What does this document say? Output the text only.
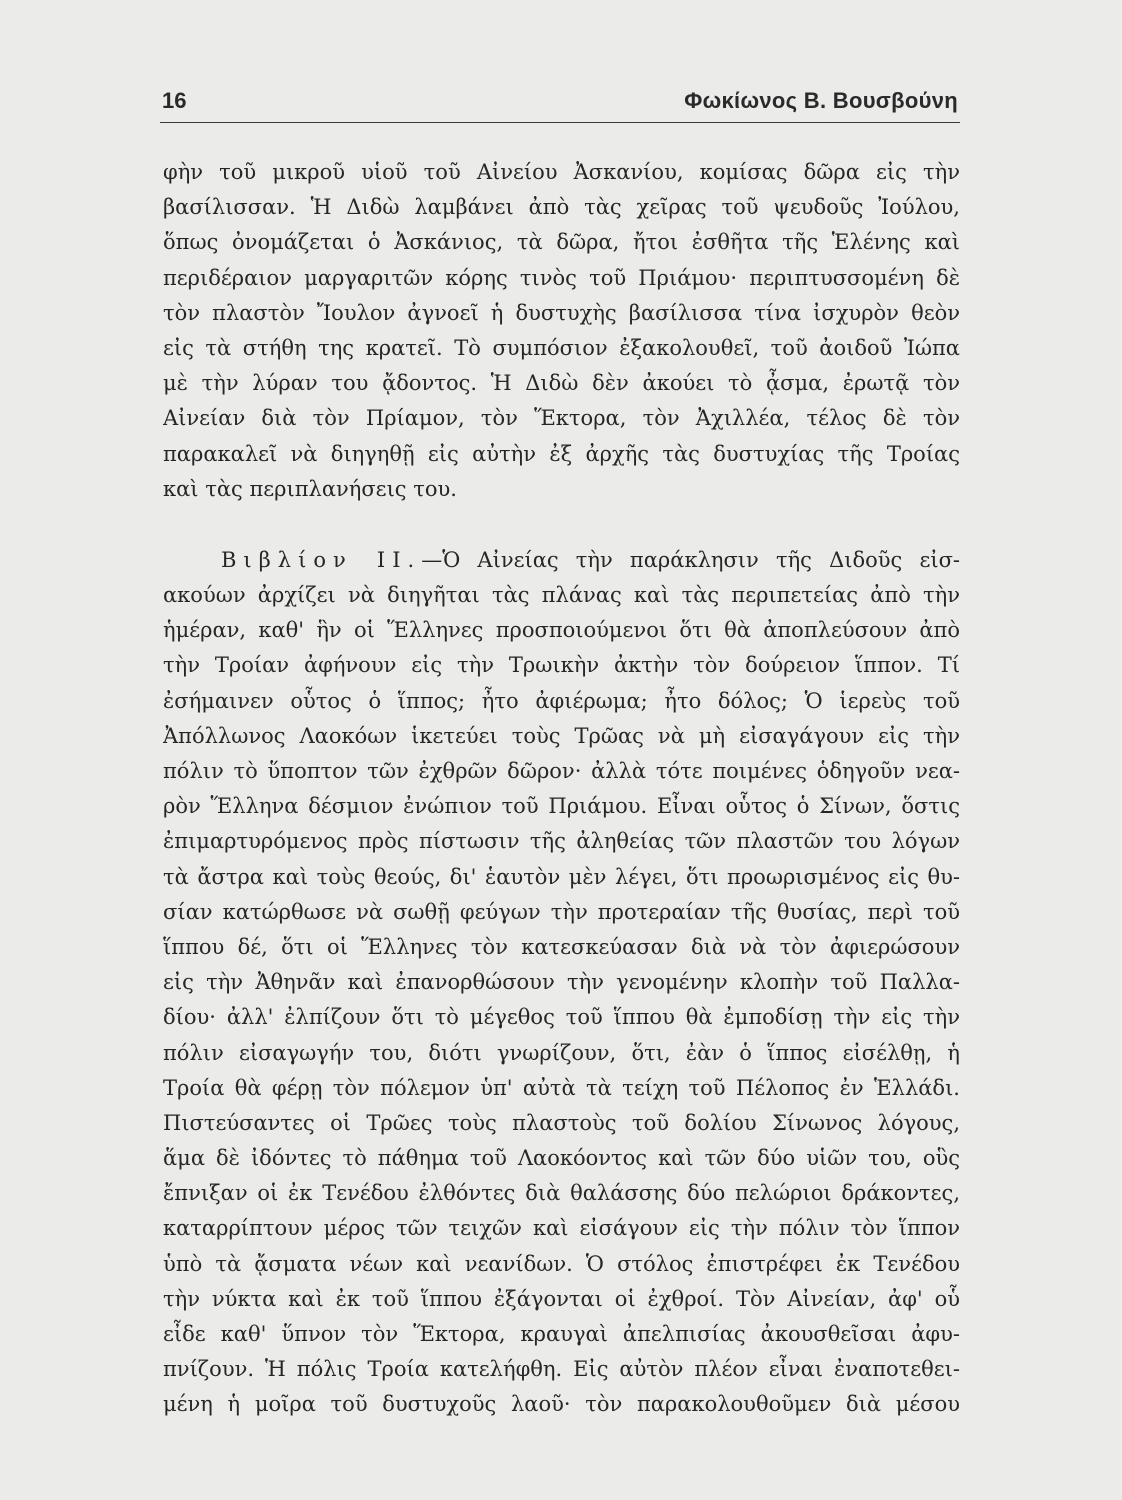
16	Φωκίωνος Β. Βουσβούνη
φὴν τοῦ μικροῦ υἱοῦ τοῦ Αἰνείου Ἀσκανίου, κομίσας δῶρα εἰς τὴν
βασίλισσαν. Ἡ Διδὼ λαμβάνει ἀπὸ τὰς χεῖρας τοῦ ψευδοῦς Ἰούλου,
ὅπως ὀνομάζεται ὁ Ἀσκάνιος, τὰ δῶρα, ἤτοι ἐσθῆτα τῆς Ἑλένης καὶ
περιδέραιον μαργαριτῶν κόρης τινὸς τοῦ Πριάμου· περιπτυσσομένη δὲ
τὸν πλαστὸν Ἴουλον ἀγνοεῖ ἡ δυστυχὴς βασίλισσα τίνα ἰσχυρὸν θεὸν
εἰς τὰ στήθη της κρατεῖ. Τὸ συμπόσιον ἐξακολουθεῖ, τοῦ ἀοιδοῦ Ἰώπα
μὲ τὴν λύραν του ᾄδοντος. Ἡ Διδὼ δὲν ἀκούει τὸ ᾆσμα, ἐρωτᾷ τὸν
Αἰνείαν διὰ τὸν Πρίαμον, τὸν Ἕκτορα, τὸν Ἀχιλλέα, τέλος δὲ τὸν
παρακαλεῖ νὰ διηγηθῇ εἰς αὐτὴν ἐξ ἀρχῆς τὰς δυστυχίας τῆς Τροίας
καὶ τὰς περιπλανήσεις του.
Βιβλίον ΙΙ.—Ὁ Αἰνείας τὴν παράκλησιν τῆς Διδοῦς εἰσ-
ακούων ἀρχίζει νὰ διηγῆται τὰς πλάνας καὶ τὰς περιπετείας ἀπὸ τὴν
ἡμέραν, καθ' ἣν οἱ Ἕλληνες προσποιούμενοι ὅτι θὰ ἀποπλεύσουν ἀπὸ
τὴν Τροίαν ἀφήνουν εἰς τὴν Τρωικὴν ἀκτὴν τὸν δούρειον ἵππον. Τί
ἐσήμαινεν οὗτος ὁ ἵππος; ἦτο ἀφιέρωμα; ἦτο δόλος; Ὁ ἱερεὺς τοῦ
Ἀπόλλωνος Λαοκόων ἱκετεύει τοὺς Τρῶας νὰ μὴ εἰσαγάγουν εἰς τὴν
πόλιν τὸ ὕποπτον τῶν ἐχθρῶν δῶρον· ἀλλὰ τότε ποιμένες ὁδηγοῦν νεα-
ρὸν Ἕλληνα δέσμιον ἐνώπιον τοῦ Πριάμου. Εἶναι οὗτος ὁ Σίνων, ὅστις
ἐπιμαρτυρόμενος πρὸς πίστωσιν τῆς ἀληθείας τῶν πλαστῶν του λόγων
τὰ ἄστρα καὶ τοὺς θεούς, δι' ἑαυτὸν μὲν λέγει, ὅτι προωρισμένος εἰς θυ-
σίαν κατώρθωσε νὰ σωθῇ φεύγων τὴν προτεραίαν τῆς θυσίας, περὶ τοῦ
ἵππου δέ, ὅτι οἱ Ἕλληνες τὸν κατεσκεύασαν διὰ νὰ τὸν ἀφιερώσουν
εἰς τὴν Ἀθηνᾶν καὶ ἐπανορθώσουν τὴν γενομένην κλοπὴν τοῦ Παλλα-
δίου· ἀλλ' ἐλπίζουν ὅτι τὸ μέγεθος τοῦ ἵππου θὰ ἐμποδίσῃ τὴν εἰς τὴν
πόλιν εἰσαγωγήν του, διότι γνωρίζουν, ὅτι, ἐὰν ὁ ἵππος εἰσέλθῃ, ἡ
Τροία θὰ φέρῃ τὸν πόλεμον ὑπ' αὐτὰ τὰ τείχη τοῦ Πέλοπος ἐν Ἑλλάδι.
Πιστεύσαντες οἱ Τρῶες τοὺς πλαστοὺς τοῦ δολίου Σίνωνος λόγους,
ἅμα δὲ ἰδόντες τὸ πάθημα τοῦ Λαοκόοντος καὶ τῶν δύο υἱῶν του, οὓς
ἔπνιξαν οἱ ἐκ Τενέδου ἐλθόντες διὰ θαλάσσης δύο πελώριοι δράκοντες,
καταρρίπτουν μέρος τῶν τειχῶν καὶ εἰσάγουν εἰς τὴν πόλιν τὸν ἵππον
ὑπὸ τὰ ᾄσματα νέων καὶ νεανίδων. Ὁ στόλος ἐπιστρέφει ἐκ Τενέδου
τὴν νύκτα καὶ ἐκ τοῦ ἵππου ἐξάγονται οἱ ἐχθροί. Τὸν Αἰνείαν, ἀφ' οὗ
εἶδε καθ' ὕπνον τὸν Ἕκτορα, κραυγαὶ ἀπελπισίας ἀκουσθεῖσαι ἀφυ-
πνίζουν. Ἡ πόλις Τροία κατελήφθη. Εἰς αὐτὸν πλέον εἶναι ἐναποτεθει-
μένη ἡ μοῖρα τοῦ δυστυχοῦς λαοῦ· τὸν παρακολουθοῦμεν διὰ μέσου
